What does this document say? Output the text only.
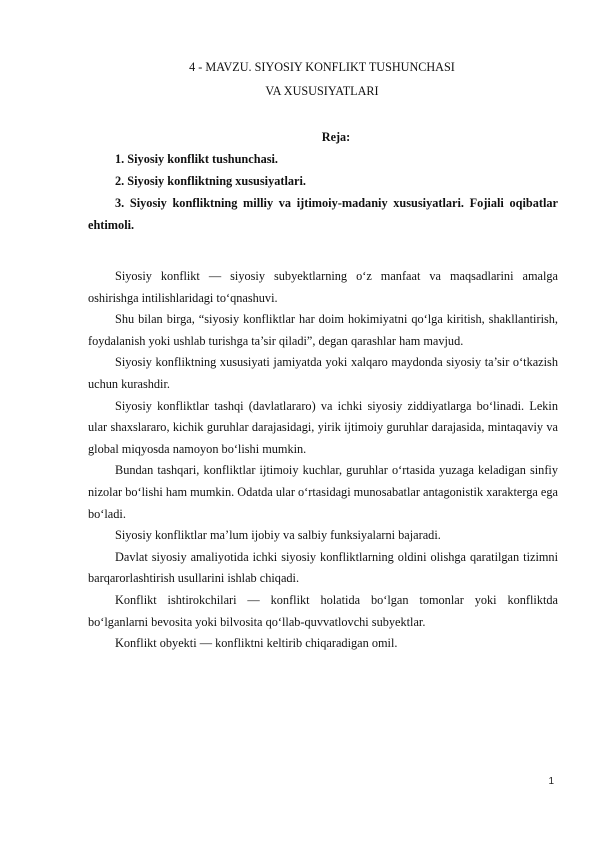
4 - MAVZU. SIYOSIY KONFLIKT TUSHUNCHASI
VA XUSUSIYATLARI
Reja:

1. Siyosiy konflikt tushunchasi.

2. Siyosiy konfliktning xususiyatlari.

3. Siyosiy konfliktning milliy va ijtimoiy-madaniy xususiyatlari. Fojiali oqibatlar ehtimoli.

Siyosiy konflikt — siyosiy subyektlarning o‘z manfaat va maqsadlarini amalga oshirishga intilishlaridagi to‘qnashuvi.

Shu bilan birga, “siyosiy konfliktlar har doim hokimiyatni qo‘lga kiritish, shakllantirish, foydalanish yoki ushlab turishga ta’sir qiladi”, degan qarashlar ham mavjud.

Siyosiy konfliktning xususiyati jamiyatda yoki xalqaro maydonda siyosiy ta’sir o‘tkazish uchun kurashdir.

Siyosiy konfliktlar tashqi (davlatlararo) va ichki siyosiy ziddiyatlarga bo‘linadi. Lekin ular shaxslararo, kichik guruhlar darajasidagi, yirik ijtimoiy guruhlar darajasida, mintaqaviy va global miqyosda namoyon bo‘lishi mumkin.

Bundan tashqari, konfliktlar ijtimoiy kuchlar, guruhlar o‘rtasida yuzaga keladigan sinfiy nizolar bo‘lishi ham mumkin. Odatda ular o‘rtasidagi munosabatlar antagonistik xarakterga ega bo‘ladi.

Siyosiy konfliktlar ma’lum ijobiy va salbiy funksiyalarni bajaradi.

Davlat siyosiy amaliyotida ichki siyosiy konfliktlarning oldini olishga qaratilgan tizimni barqarorlashtirish usullarini ishlab chiqadi.

Konflikt ishtirokchilari — konflikt holatida bo‘lgan tomonlar yoki konfliktda bo‘lganlarni bevosita yoki bilvosita qo‘llab-quvvatlovchi subyektlar.

Konflikt obyekti — konfliktni keltirib chiqaradigan omil.

1
